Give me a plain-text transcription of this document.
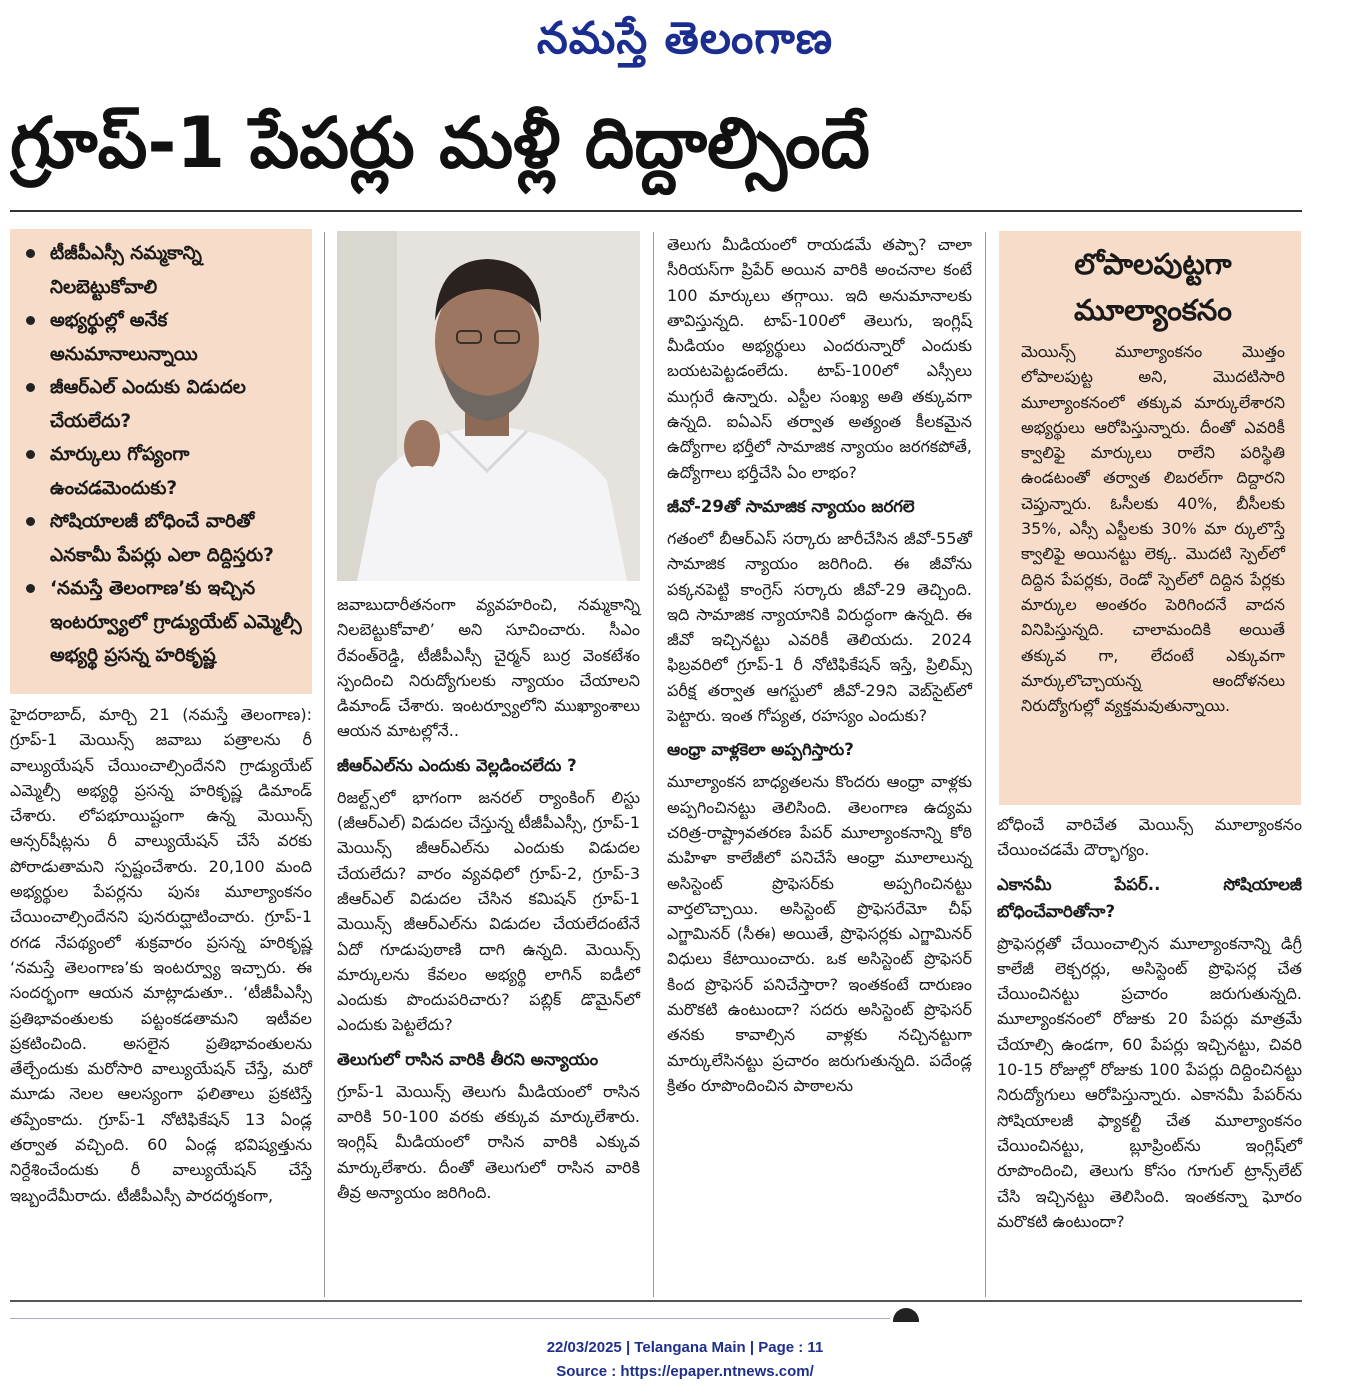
నమస్తే తెలంగాణ
గ్రూప్‌-1 పేపర్లు మళ్లీ దిద్దాల్సిందే
టీజీపీఎస్సీ నమ్మకాన్ని నిలబెట్టుకోవాలి
అభ్యర్థుల్లో అనేక అనుమానాలున్నాయి
జీఆర్‌ఎల్‌ ఎందుకు విడుదల చేయలేదు?
మార్కులు గోప్యంగా ఉంచడమెందుకు?
సోషియాలజీ బోధించే వారితో ఎనకామీ పేపర్లు ఎలా దిద్దిస్తరు?
‘నమస్తే తెలంగాణ’కు ఇచ్చిన ఇంటర్వ్యూలో గ్రాడ్యుయేట్‌ ఎమ్మెల్సీ అభ్యర్థి ప్రసన్న హరికృష్ణ

హైదరాబాద్‌, మార్చి 21 (నమస్తే తెలంగాణ): గ్రూప్‌-1 మెయిన్స్‌ జవాబు పత్రాలను రీ వాల్యుయేషన్‌ చేయించాల్సిందేనని గ్రాడ్యుయేట్‌ ఎమ్మెల్సీ అభ్యర్థి ప్రసన్న హరికృష్ణ డిమాండ్‌ చేశారు. లోపభూయిష్టంగా ఉన్న మెయిన్స్‌ ఆన్సర్‌షీట్లను రీ వాల్యుయేషన్‌ చేసే వరకు పోరాడుతామని స్పష్టంచేశారు. 20,100 మంది అభ్యర్థుల పేపర్లను పునః మూల్యాంకనం చేయించాల్సిందేనని పునరుద్ఘాటించారు. గ్రూప్‌-1 రగడ నేపథ్యంలో శుక్రవారం ప్రసన్న హరికృష్ణ ‘నమస్తే తెలంగాణ’కు ఇంటర్వ్యూ ఇచ్చారు. ఈ సందర్భంగా ఆయన మాట్లాడుతూ.. ‘టీజీపీఎస్సీ ప్రతిభావంతులకు పట్టంకడతామని ఇటీవల ప్రకటించింది. అసలైన ప్రతిభావంతులను తేల్చేందుకు మరోసారి వాల్యుయేషన్‌ చేస్తే, మరో మూడు నెలల ఆలస్యంగా ఫలితాలు ప్రకటిస్తే తప్పేంకాదు. గ్రూప్‌-1 నోటిఫికేషన్‌ 13 ఏండ్ల తర్వాత వచ్చింది. 60 ఏండ్ల భవిష్యత్తును నిర్దేశించేందుకు రీ వాల్యుయేషన్‌ చేస్తే ఇబ్బందేమీరాదు. టీజీపీఎస్సీ పారదర్శకంగా,

జవాబుదారీతనంగా వ్యవహరించి, నమ్మకాన్ని నిలబెట్టుకోవాలి’ అని సూచించారు. సీఎం రేవంత్‌రెడ్డి, టీజీపీఎస్సీ చైర్మన్‌ బుర్ర వెంకటేశం స్పందించి నిరుద్యోగులకు న్యాయం చేయాలని డిమాండ్‌ చేశారు. ఇంటర్వ్యూలోని ముఖ్యాంశాలు ఆయన మాటల్లోనే..

జీఆర్‌ఎల్‌ను ఎందుకు వెల్లడించలేదు ?

రిజల్ట్స్‌లో భాగంగా జనరల్‌ ర్యాంకింగ్‌ లిస్టు (జీఆర్‌ఎల్‌) విడుదల చేస్తున్న టీజీపీఎస్సీ, గ్రూప్‌-1 మెయిన్స్‌ జీఆర్‌ఎల్‌ను ఎందుకు విడుదల చేయలేదు? వారం వ్యవధిలో గ్రూప్‌-2, గ్రూప్‌-3 జీఆర్‌ఎల్‌ విడుదల చేసిన కమిషన్‌ గ్రూప్‌-1 మెయిన్స్‌ జీఆర్‌ఎల్‌ను విడుదల చేయలేదంటేనే ఏదో గూడుపుఠాణి దాగి ఉన్నది. మెయిన్స్‌ మార్కులను కేవలం అభ్యర్థి లాగిన్‌ ఐడీలో ఎందుకు పొందుపరిచారు? పబ్లిక్‌ డొమైన్‌లో ఎందుకు పెట్టలేదు?

తెలుగులో రాసిన వారికి తీరని అన్యాయం

గ్రూప్‌-1 మెయిన్స్‌ తెలుగు మీడియంలో రాసిన వారికి 50-100 వరకు తక్కువ మార్కులేశారు. ఇంగ్లిష్‌ మీడియంలో రాసిన వారికి ఎక్కువ మార్కులేశారు. దీంతో తెలుగులో రాసిన వారికి తీవ్ర అన్యాయం జరిగింది.

తెలుగు మీడియంలో రాయడమే తప్పా? చాలా సీరియస్‌గా ప్రిపేర్‌ అయిన వారికి అంచనాల కంటే 100 మార్కులు తగ్గాయి. ఇది అనుమానాలకు తావిస్తున్నది. టాప్‌-100లో తెలుగు, ఇంగ్లిష్‌ మీడియం అభ్యర్థులు ఎందరున్నారో ఎందుకు బయటపెట్టడంలేదు. టాప్‌-100లో ఎస్సీలు ముగ్గురే ఉన్నారు. ఎస్టీల సంఖ్య అతి తక్కువగా ఉన్నది. ఐఏఎస్‌ తర్వాత అత్యంత కీలకమైన ఉద్యోగాల భర్తీలో సామాజిక న్యాయం జరగకపోతే, ఉద్యోగాలు భర్తీచేసి ఏం లాభం?

జీవో-29తో సామాజిక న్యాయం జరగలె

గతంలో బీఆర్‌ఎస్‌ సర్కారు జారీచేసిన జీవో-55తో సామాజిక న్యాయం జరిగింది. ఈ జీవోను పక్కనపెట్టి కాంగ్రెస్‌ సర్కారు జీవో-29 తెచ్చింది. ఇది సామాజిక న్యాయానికి విరుద్ధంగా ఉన్నది. ఈ జీవో ఇచ్చినట్టు ఎవరికీ తెలియదు. 2024 ఫిబ్రవరిలో గ్రూప్‌-1 రీ నోటిఫికేషన్‌ ఇస్తే, ప్రిలిమ్స్‌ పరీక్ష తర్వాత ఆగస్టులో జీవో-29ని వెబ్‌సైట్‌లో పెట్టారు. ఇంత గోప్యత, రహస్యం ఎందుకు?

ఆంధ్రా వాళ్లకెలా అప్పగిస్తారు?

మూల్యాంకన బాధ్యతలను కొందరు ఆంధ్రా వాళ్లకు అప్పగించినట్టు తెలిసింది. తెలంగాణ ఉద్యమ చరిత్ర-రాష్ట్రావతరణ పేపర్‌ మూల్యాంకనాన్ని కోఠి మహిళా కాలేజీలో పనిచేసే ఆంధ్రా మూలాలున్న అసిస్టెంట్‌ ప్రొఫెసర్‌కు అప్పగించినట్టు వార్తలొచ్చాయి. అసిస్టెంట్‌ ప్రొఫెసరేమో చీఫ్‌ ఎగ్జామినర్‌ (సీఈ) అయితే, ప్రొఫెసర్లకు ఎగ్జామినర్‌ విధులు కేటాయించారు. ఒక అసిస్టెంట్‌ ప్రొఫెసర్‌ కింద ప్రొఫెసర్‌ పనిచేస్తారా? ఇంతకంటే దారుణం మరొకటి ఉంటుందా? సదరు అసిస్టెంట్‌ ప్రొఫెసర్‌ తనకు కావాల్సిన వాళ్లకు నచ్చినట్టుగా మార్కులేసినట్టు ప్రచారం జరుగుతున్నది. పదేండ్ల క్రితం రూపొందించిన పాఠాలను

లోపాలపుట్టగా మూల్యాంకనం
మెయిన్స్‌ మూల్యాంకనం మొత్తం లోపాలపుట్ట అని, మొదటిసారి మూల్యాంకనంలో తక్కువ మార్కులేశారని అభ్యర్థులు ఆరోపిస్తున్నారు. దీంతో ఎవరికీ క్వాలిఫై మార్కులు రాలేని పరిస్థితి ఉండటంతో తర్వాత లిబరల్‌గా దిద్దారని చెప్తున్నారు. ఓసీలకు 40%, బీసీలకు 35%, ఎస్సీ ఎస్టీలకు 30% మా ర్కులొస్తే క్వాలిఫై అయినట్టు లెక్క. మొదటి స్పెల్‌లో దిద్దిన పేపర్లకు, రెండో స్పెల్‌లో దిద్దిన పేర్లకు మార్కుల అంతరం పెరిగిందనే వాదన వినిపిస్తున్నది. చాలామందికి అయితే తక్కువ గా, లేదంటే ఎక్కువగా మార్కులొచ్చాయన్న ఆందోళనలు నిరుద్యోగుల్లో వ్యక్తమవుతున్నాయి.

బోధించే వారిచేత మెయిన్స్‌ మూల్యాంకనం చేయించడమే దౌర్భాగ్యం.

ఎకానమీ పేపర్‌.. సోషియాలజీ బోధించేవారితోనా?

ప్రొఫెసర్లతో చేయించాల్సిన మూల్యాంకనాన్ని డిగ్రీ కాలేజీ లెక్చరర్లు, అసిస్టెంట్‌ ప్రొఫెసర్ల చేత చేయించినట్టు ప్రచారం జరుగుతున్నది. మూల్యాంకనంలో రోజుకు 20 పేపర్లు మాత్రమే చేయాల్సి ఉండగా, 60 పేపర్లు ఇచ్చినట్టు, చివరి 10-15 రోజుల్లో రోజుకు 100 పేపర్లు దిద్దించినట్టు నిరుద్యోగులు ఆరోపిస్తున్నారు. ఎకానమీ పేపర్‌ను సోషియాలజీ ఫ్యాకల్టీ చేత మూల్యాంకనం చేయించినట్టు, బ్లూప్రింట్‌ను ఇంగ్లిష్‌లో రూపొందించి, తెలుగు కోసం గూగుల్‌ ట్రాన్స్‌లేట్‌ చేసి ఇచ్చినట్టు తెలిసింది. ఇంతకన్నా ఘోరం మరొకటి ఉంటుందా?

22/03/2025 | Telangana Main | Page : 11
Source : https://epaper.ntnews.com/
